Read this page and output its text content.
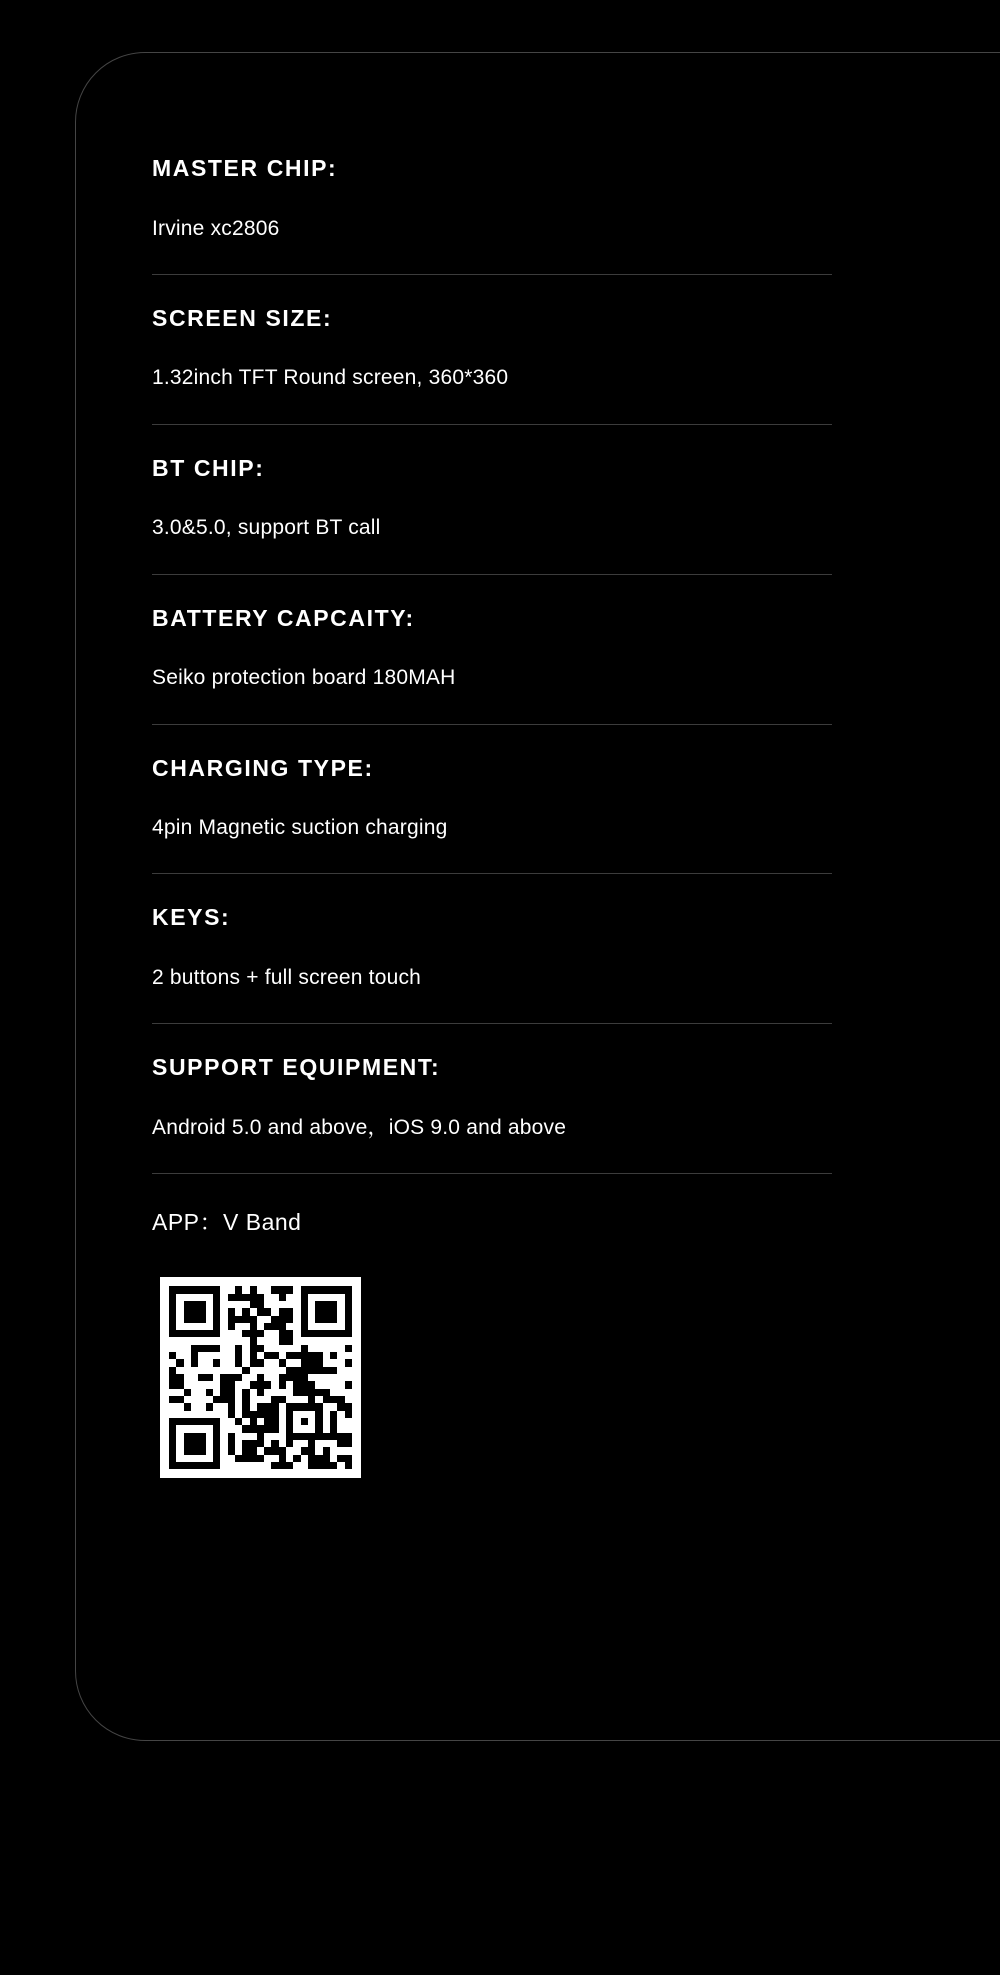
MASTER CHIP:
Irvine xc2806
SCREEN SIZE:
1.32inch TFT Round screen, 360*360
BT CHIP:
3.0&5.0, support BT call
BATTERY CAPCAITY:
Seiko protection board 180MAH
CHARGING TYPE:
4pin Magnetic suction charging
KEYS:
2 buttons + full screen touch
SUPPORT EQUIPMENT:
Android 5.0 and above，iOS 9.0 and above
APP：V Band
